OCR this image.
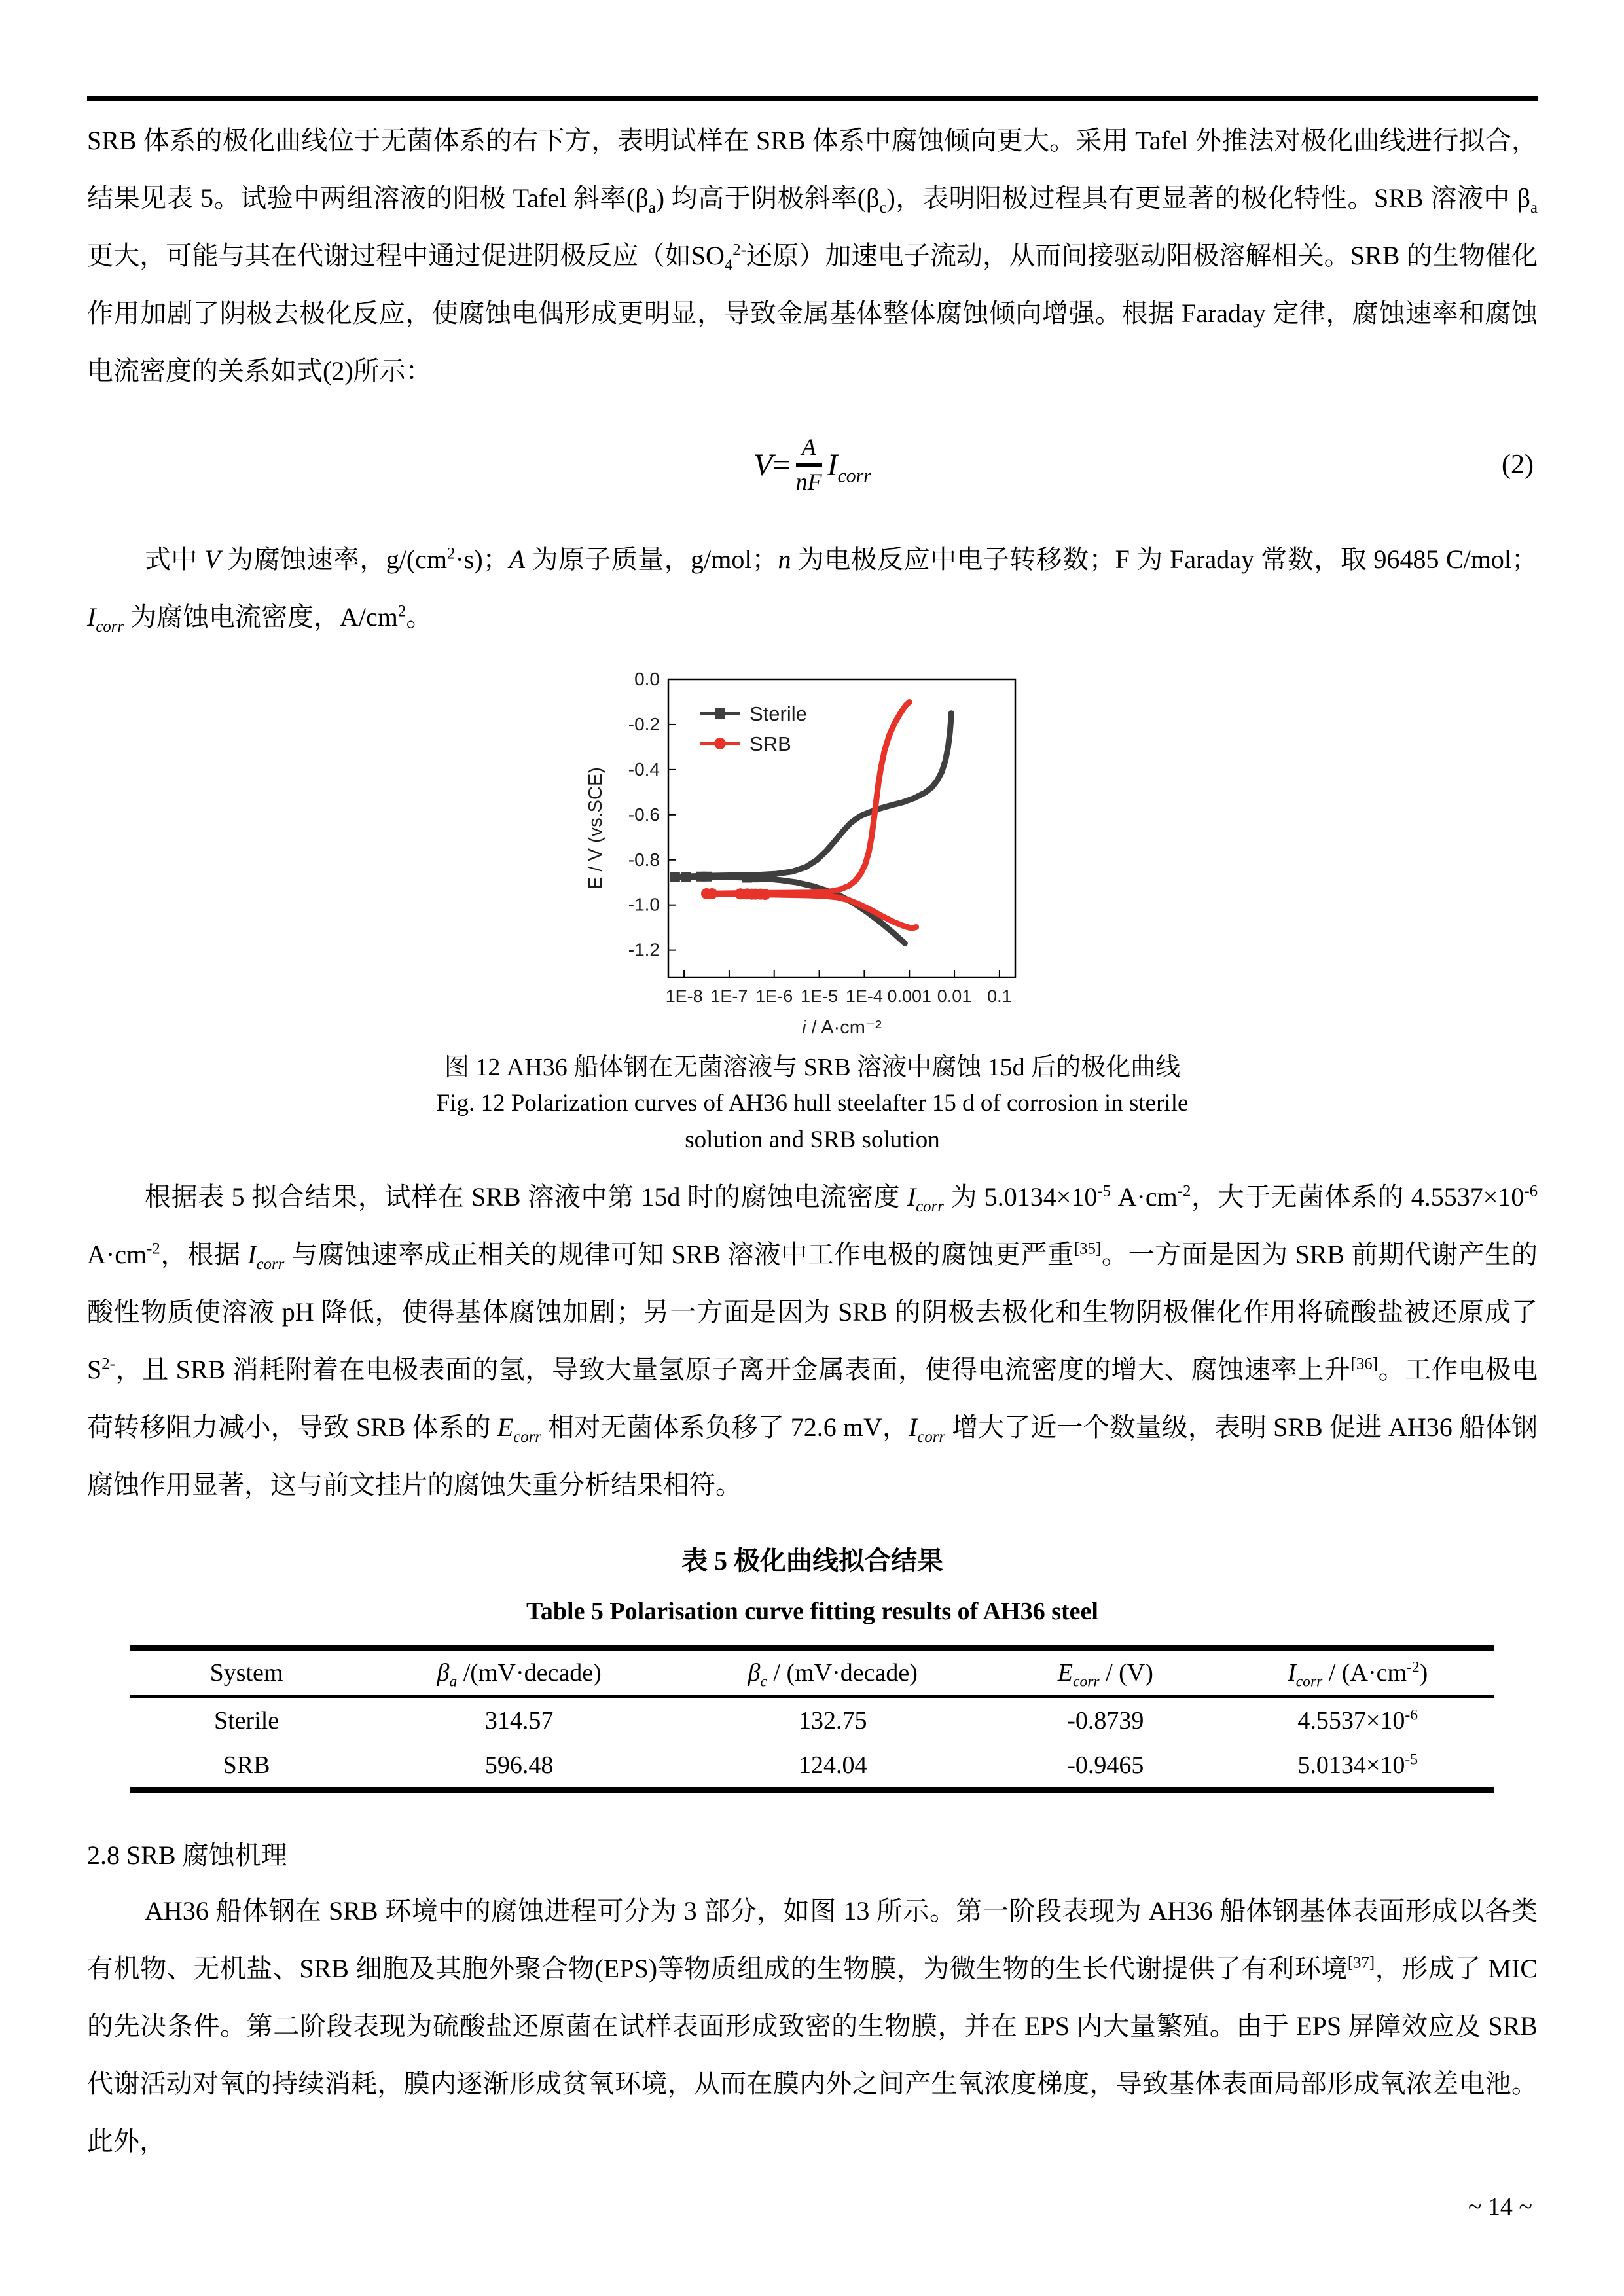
SRB 体系的极化曲线位于无菌体系的右下方，表明试样在 SRB 体系中腐蚀倾向更大。采用 Tafel 外推法对极化曲线进行拟合，结果见表 5。试验中两组溶液的阳极 Tafel 斜率$(\beta_a)$ 均高于阴极斜率$(\beta_c)$，表明阳极过程具有更显著的极化特性。SRB 溶液中 $\beta_a$ 更大，可能与其在代谢过程中通过促进阴极反应（如$SO_4^{2-}$还原）加速电子流动，从而间接驱动阳极溶解相关。SRB 的生物催化作用加剧了阴极去极化反应，使腐蚀电偶形成更明显，导致金属基体整体腐蚀倾向增强。根据 Faraday 定律，腐蚀速率和腐蚀电流密度的关系如式(2)所示：

V =
A
nF $I_{corr}$	(2)

式中 V 为腐蚀速率，$g/(cm^2\cdot s)$；A 为原子质量，g/mol；n 为电极反应中电子转移数；F 为 Faraday 常数，取 96485 C/mol；$I_{corr}$ 为腐蚀电流密度，$A/cm^2$。

1E-8 1E-7 1E-6 1E-5 1E-4 0.001 0.01 0.1
0.0
-0.2
-0.4
-0.6
-0.8
-1.0
-1.2
i / A·cm⁻²
E / V (vs.SCE)
Sterile
SRB

图 12 AH36 船体钢在无菌溶液与 SRB 溶液中腐蚀 15d 后的极化曲线

Fig. 12 Polarization curves of AH36 hull steelafter 15 d of corrosion in sterile
solution and SRB solution

根据表 5 拟合结果，试样在 SRB 溶液中第 15d 时的腐蚀电流密度 $I_{corr}$ 为 $5.0134\times 10^{-5}$ $A\cdot cm^{-2}$，大于无菌体系的 $4.5537\times 10^{-6}$ $A\cdot cm^{-2}$，根据 $I_{corr}$ 与腐蚀速率成正相关的规律可知 SRB 溶液中工作电极的腐蚀更严重[35]。一方面是因为 SRB 前期代谢产生的酸性物质使溶液 pH 降低，使得基体腐蚀加剧；另一方面是因为 SRB 的阴极去极化和生物阴极催化作用将硫酸盐被还原成了 $S^{2-}$，且 SRB 消耗附着在电极表面的氢，导致大量氢原子离开金属表面，使得电流密度的增大、腐蚀速率上升[36]。工作电极电荷转移阻力减小，导致 SRB 体系的 $E_{corr}$ 相对无菌体系负移了 72.6 mV，$I_{corr}$ 增大了近一个数量级，表明 SRB 促进 AH36 船体钢腐蚀作用显著，这与前文挂片的腐蚀失重分析结果相符。

表 5 极化曲线拟合结果

Table 5 Polarisation curve fitting results of AH36 steel

System	$\beta_a$ /(mV·decade)	$\beta_c$ / (mV·decade)	$E_{corr} / (V)$	$I_{corr} / (A\cdot cm^{-2})$
Sterile	314.57	132.75	-0.8739	$4.5537\times 10^{-6}$
SRB	596.48	124.04	-0.9465	$5.0134\times 10^{-5}$
2.8 SRB 腐蚀机理

AH36 船体钢在 SRB 环境中的腐蚀进程可分为 3 部分，如图 13 所示。第一阶段表现为 AH36 船体钢基体表面形成以各类有机物、无机盐、SRB 细胞及其胞外聚合物(EPS)等物质组成的生物膜，为微生物的生长代谢提供了有利环境[37]，形成了 MIC 的先决条件。第二阶段表现为硫酸盐还原菌在试样表面形成致密的生物膜，并在 EPS 内大量繁殖。由于 EPS 屏障效应及 SRB 代谢活动对氧的持续消耗，膜内逐渐形成贫氧环境，从而在膜内外之间产生氧浓度梯度，导致基体表面局部形成氧浓差电池。此外，

~ 14 ~
